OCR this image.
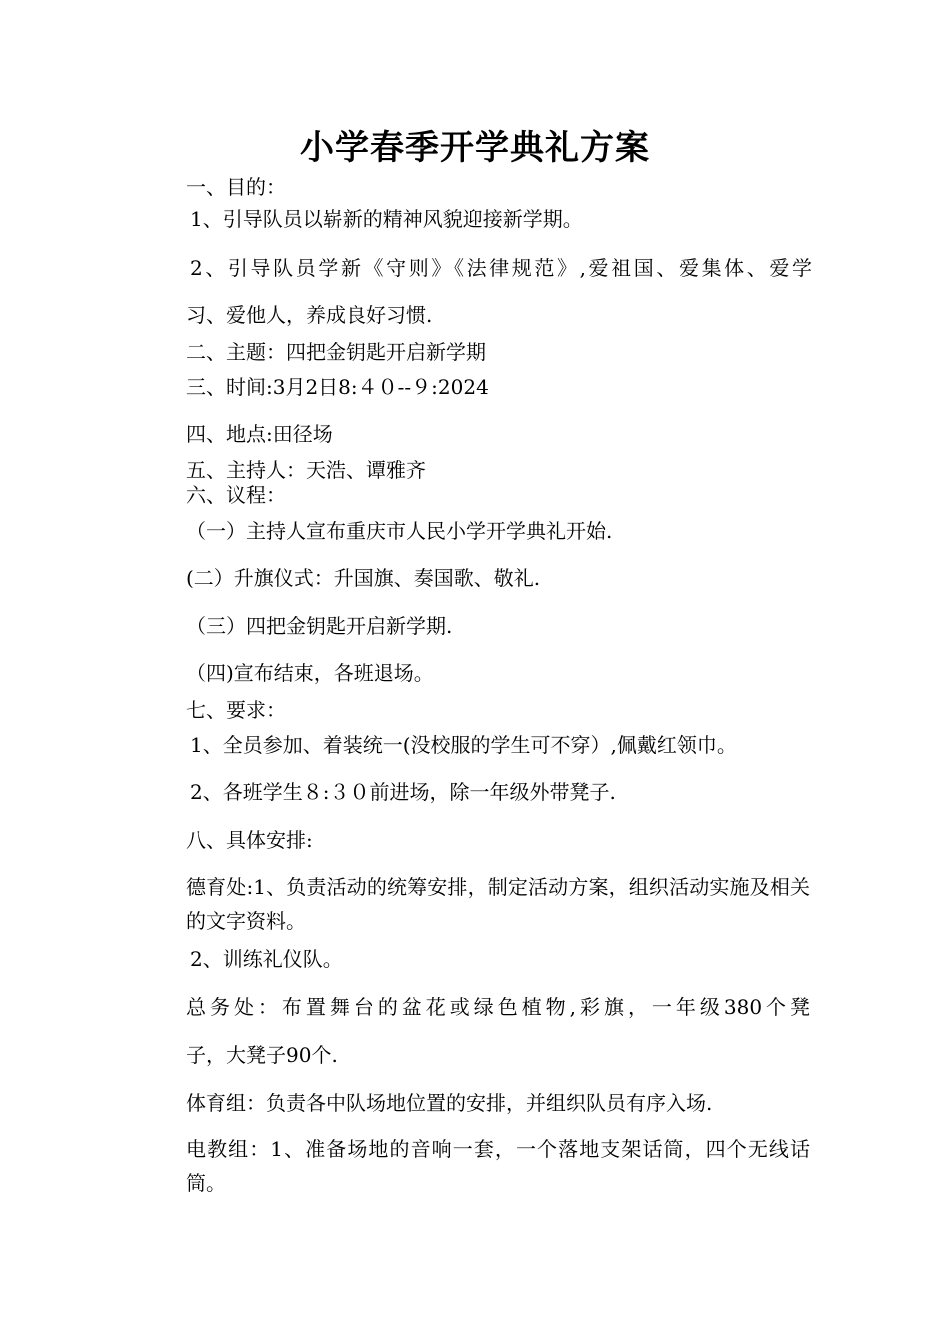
小学春季开学典礼方案
一、目的：
1、引导队员以崭新的精神风貌迎接新学期。
2、引导队员学新《守则》《法律规范》,爱祖国、爱集体、爱学
习、爱他人，养成良好习惯.
二、主题：四把金钥匙开启新学期
三、时间:3月2日8:４０--９:2024
四、地点:田径场
五、主持人：天浩、谭雅齐
六、议程：
（一）主持人宣布重庆市人民小学开学典礼开始.
(二）升旗仪式：升国旗、奏国歌、敬礼.
（三）四把金钥匙开启新学期.
（四)宣布结束，各班退场。
七、要求：
1、全员参加、着装统一(没校服的学生可不穿）,佩戴红领巾。
2、各班学生８:３０前进场，除一年级外带凳子.
八、具体安排:
德育处:1、负责活动的统筹安排，制定活动方案，组织活动实施及相关的文字资料。
2、训练礼仪队。
总务处：布置舞台的盆花或绿色植物,彩旗，一年级380个凳
子，大凳子90个.
体育组：负责各中队场地位置的安排，并组织队员有序入场.
电教组：1、准备场地的音响一套，一个落地支架话筒，四个无线话筒。
